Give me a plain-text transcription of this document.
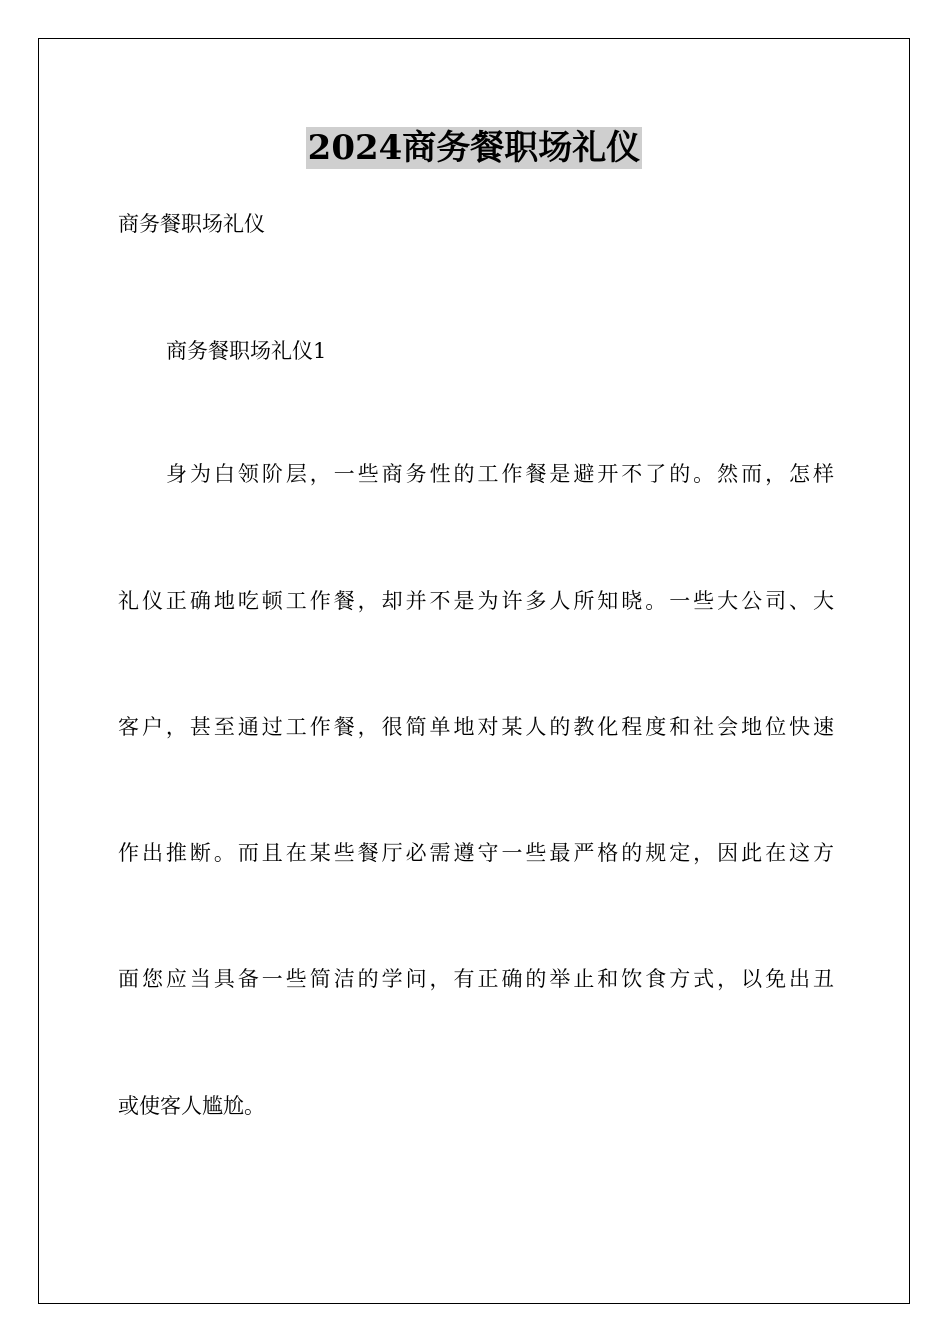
2024商务餐职场礼仪
商务餐职场礼仪
商务餐职场礼仪1
身为白领阶层，一些商务性的工作餐是避开不了的。然而，怎样
礼仪正确地吃顿工作餐，却并不是为许多人所知晓。一些大公司、大
客户，甚至通过工作餐，很简单地对某人的教化程度和社会地位快速
作出推断。而且在某些餐厅必需遵守一些最严格的规定，因此在这方
面您应当具备一些简洁的学问，有正确的举止和饮食方式，以免出丑
或使客人尴尬。
